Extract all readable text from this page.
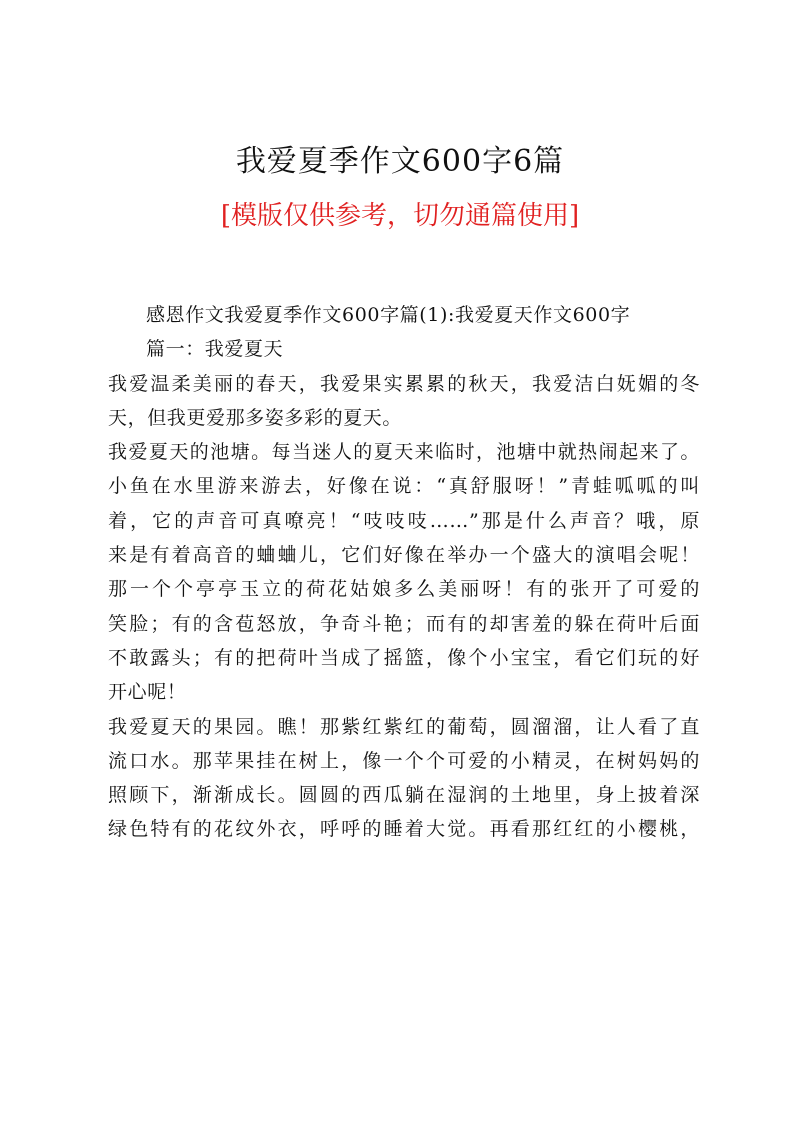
我爱夏季作文600字6篇
[模版仅供参考，切勿通篇使用]
感恩作文我爱夏季作文600字篇(1):我爱夏天作文600字
篇一：我爱夏天
我爱温柔美丽的春天，我爱果实累累的秋天，我爱洁白妩媚的冬
天，但我更爱那多姿多彩的夏天。
我爱夏天的池塘。每当迷人的夏天来临时，池塘中就热闹起来了。
小鱼在水里游来游去，好像在说：“真舒服呀！”青蛙呱呱的叫
着，它的声音可真嘹亮！“吱吱吱……”那是什么声音？哦，原
来是有着高音的蛐蛐儿，它们好像在举办一个盛大的演唱会呢！
那一个个亭亭玉立的荷花姑娘多么美丽呀！有的张开了可爱的
笑脸；有的含苞怒放，争奇斗艳；而有的却害羞的躲在荷叶后面
不敢露头；有的把荷叶当成了摇篮，像个小宝宝，看它们玩的好
开心呢！
我爱夏天的果园。瞧！那紫红紫红的葡萄，圆溜溜，让人看了直
流口水。那苹果挂在树上，像一个个可爱的小精灵，在树妈妈的
照顾下，渐渐成长。圆圆的西瓜躺在湿润的土地里，身上披着深
绿色特有的花纹外衣，呼呼的睡着大觉。再看那红红的小樱桃，
